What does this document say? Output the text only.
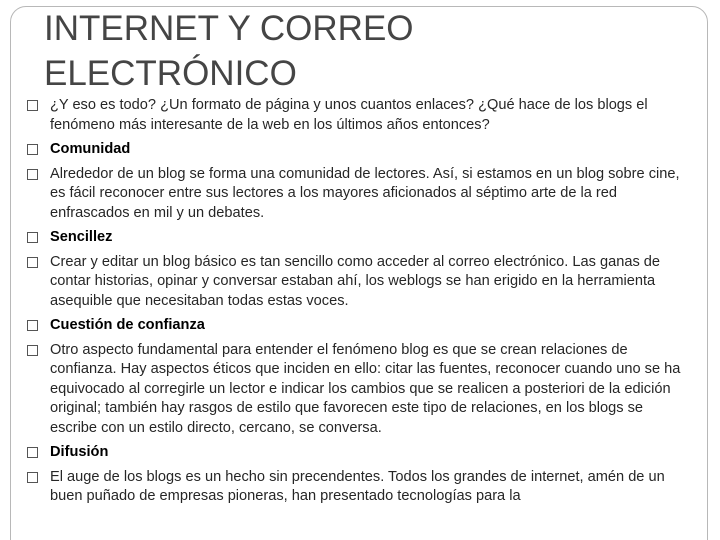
INTERNET Y CORREO ELECTRÓNICO
¿Y eso es todo? ¿Un formato de página y unos cuantos enlaces? ¿Qué hace de los blogs el fenómeno más interesante de la web en los últimos años entonces?
Comunidad
Alrededor de un blog se forma una comunidad de lectores. Así, si estamos en un blog sobre cine, es fácil reconocer entre sus lectores a los mayores aficionados al séptimo arte de la red enfrascados en mil y un debates.
Sencillez
Crear y editar un blog básico es tan sencillo como acceder al correo electrónico. Las ganas de contar historias, opinar y conversar estaban ahí, los weblogs se han erigido en la herramienta asequible que necesitaban todas estas voces.
Cuestión de confianza
Otro aspecto fundamental para entender el fenómeno blog es que se crean relaciones de confianza. Hay aspectos éticos que inciden en ello: citar las fuentes, reconocer cuando uno se ha equivocado al corregirle un lector e indicar los cambios que se realicen a posteriori de la edición original; también hay rasgos de estilo que favorecen este tipo de relaciones, en los blogs se escribe con un estilo directo, cercano, se conversa.
Difusión
El auge de los blogs es un hecho sin precendentes. Todos los grandes de internet, amén de un buen puñado de empresas pioneras, han presentado tecnologías para la
